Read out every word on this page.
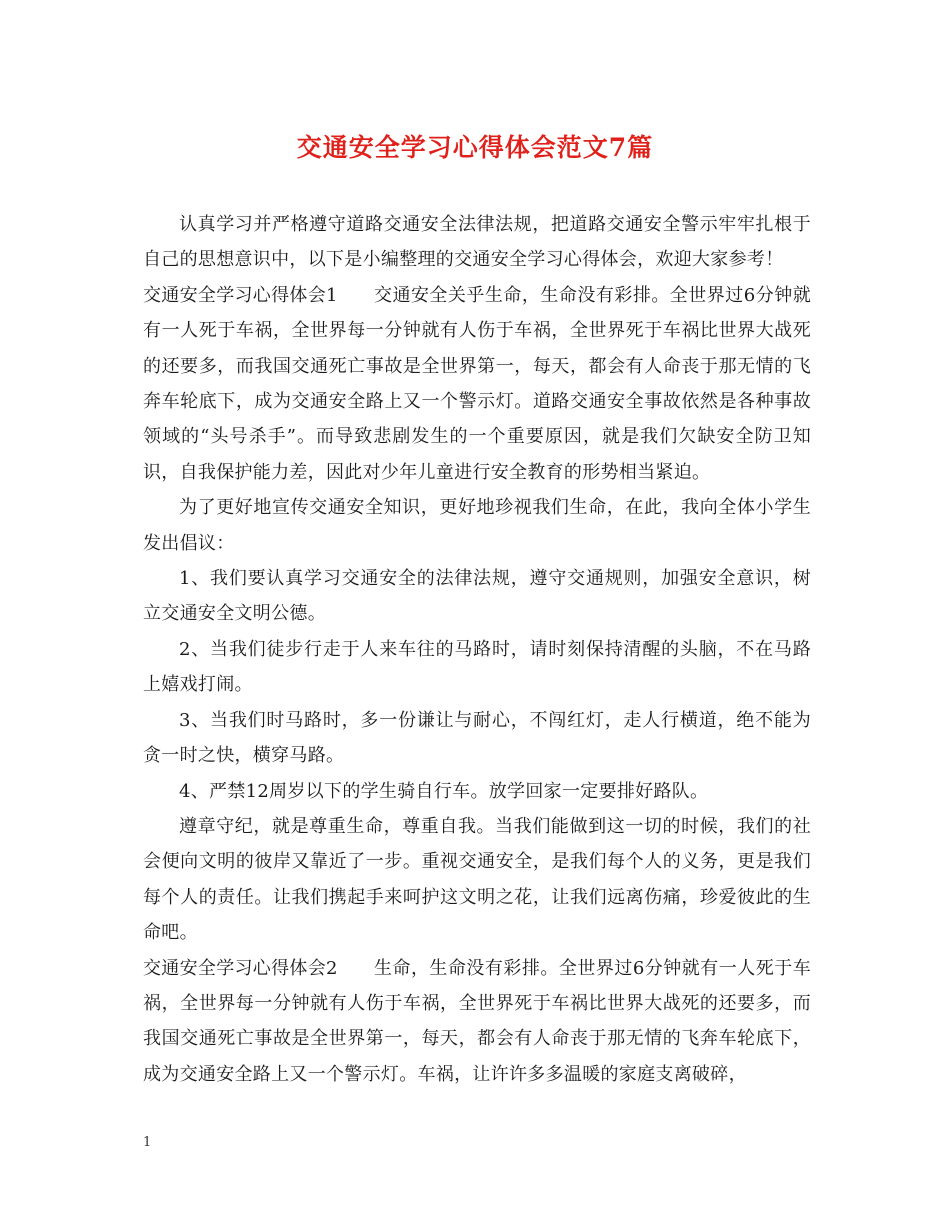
交通安全学习心得体会范文7篇

认真学习并严格遵守道路交通安全法律法规，把道路交通安全警示牢牢扎根于自己的思想意识中，以下是小编整理的交通安全学习心得体会，欢迎大家参考！

交通安全学习心得体会1 交通安全关乎生命，生命没有彩排。全世界过6分钟就有一人死于车祸，全世界每一分钟就有人伤于车祸，全世界死于车祸比世界大战死的还要多，而我国交通死亡事故是全世界第一，每天，都会有人命丧于那无情的飞奔车轮底下，成为交通安全路上又一个警示灯。道路交通安全事故依然是各种事故领域的“头号杀手”。而导致悲剧发生的一个重要原因，就是我们欠缺安全防卫知识，自我保护能力差，因此对少年儿童进行安全教育的形势相当紧迫。

为了更好地宣传交通安全知识，更好地珍视我们生命，在此，我向全体小学生发出倡议：

1、我们要认真学习交通安全的法律法规，遵守交通规则，加强安全意识，树立交通安全文明公德。

2、当我们徒步行走于人来车往的马路时，请时刻保持清醒的头脑，不在马路上嬉戏打闹。

3、当我们时马路时，多一份谦让与耐心，不闯红灯，走人行横道，绝不能为贪一时之快，横穿马路。

4、严禁12周岁以下的学生骑自行车。放学回家一定要排好路队。

遵章守纪，就是尊重生命，尊重自我。当我们能做到这一切的时候，我们的社会便向文明的彼岸又靠近了一步。重视交通安全，是我们每个人的义务，更是我们每个人的责任。让我们携起手来呵护这文明之花，让我们远离伤痛，珍爱彼此的生命吧。

交通安全学习心得体会2 生命，生命没有彩排。全世界过6分钟就有一人死于车祸，全世界每一分钟就有人伤于车祸，全世界死于车祸比世界大战死的还要多，而我国交通死亡事故是全世界第一，每天，都会有人命丧于那无情的飞奔车轮底下，成为交通安全路上又一个警示灯。车祸，让许许多多温暖的家庭支离破碎，

1
